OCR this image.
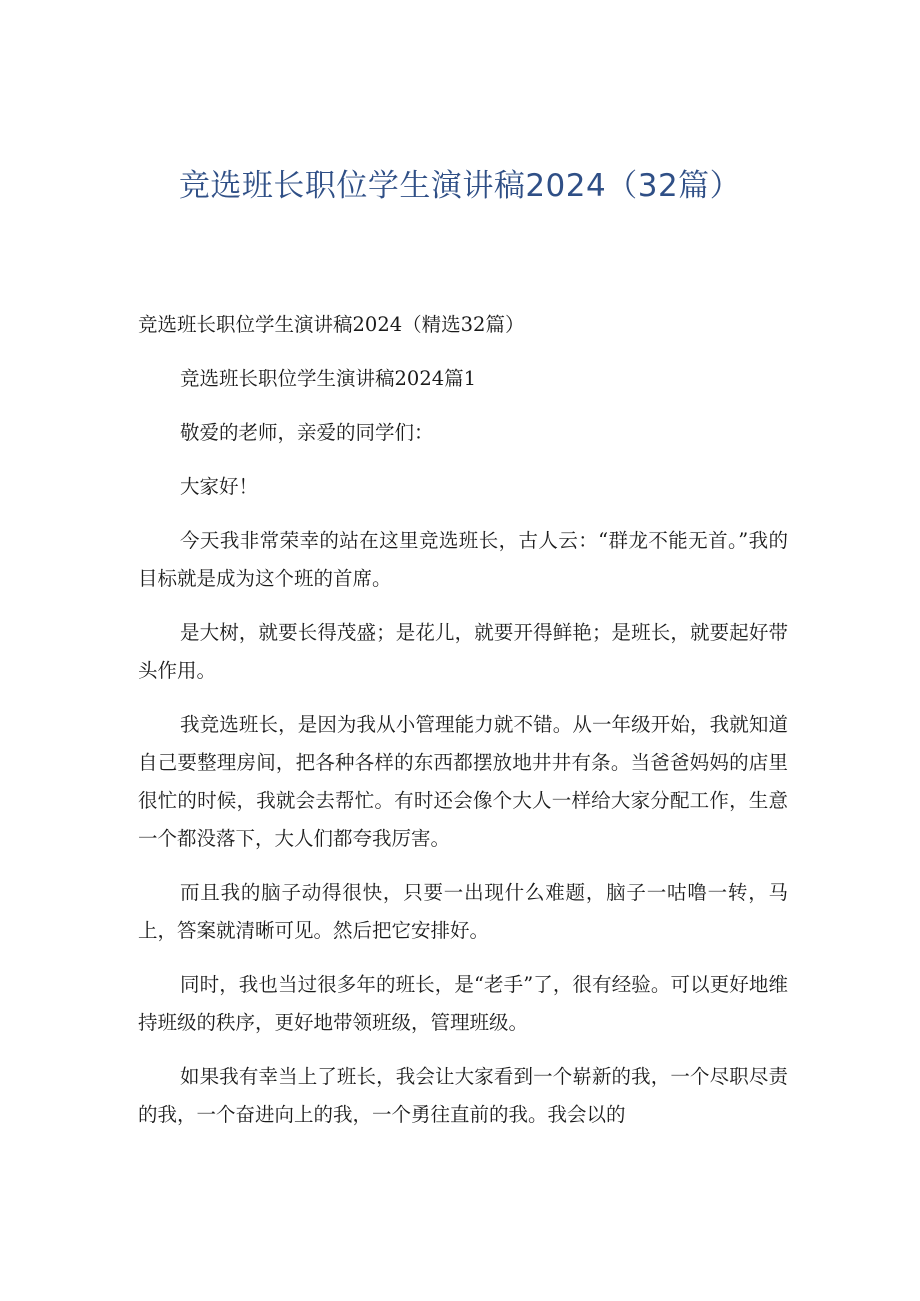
竞选班长职位学生演讲稿2024（32篇）

竞选班长职位学生演讲稿2024（精选32篇）

竞选班长职位学生演讲稿2024篇1

敬爱的老师，亲爱的同学们：

大家好！

今天我非常荣幸的站在这里竞选班长，古人云：“群龙不能无首。”我的目标就是成为这个班的首席。

是大树，就要长得茂盛；是花儿，就要开得鲜艳；是班长，就要起好带头作用。

我竞选班长，是因为我从小管理能力就不错。从一年级开始，我就知道自己要整理房间，把各种各样的东西都摆放地井井有条。当爸爸妈妈的店里很忙的时候，我就会去帮忙。有时还会像个大人一样给大家分配工作，生意一个都没落下，大人们都夸我厉害。

而且我的脑子动得很快，只要一出现什么难题，脑子一咕噜一转，马上，答案就清晰可见。然后把它安排好。

同时，我也当过很多年的班长，是“老手”了，很有经验。可以更好地维持班级的秩序，更好地带领班级，管理班级。

如果我有幸当上了班长，我会让大家看到一个崭新的我，一个尽职尽责的我，一个奋进向上的我，一个勇往直前的我。我会以的
